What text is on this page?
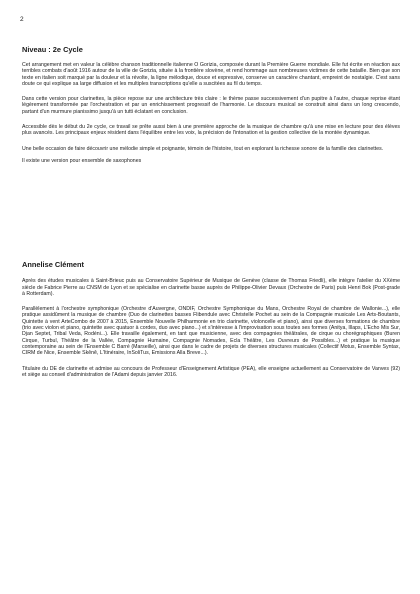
2
Niveau : 2e Cycle

Cet arrangement met en valeur la célèbre chanson traditionnelle italienne O Gorizia, composée durant la Première Guerre mondiale. Elle fut écrite en réaction aux terribles combats d'août 1916 autour de la ville de Gorizia, située à la frontière slovène, et rend hommage aux nombreuses victimes de cette bataille. Bien que son texte en italien soit marqué par la douleur et la révolte, la ligne mélodique, douce et expressive, conserve un caractère chantant, empreint de nostalgie. C'est sans doute ce qui explique sa large diffusion et les multiples transcriptions qu'elle a suscitées au fil du temps.

Dans cette version pour clarinettes, la pièce repose sur une architecture très claire : le thème passe successivement d'un pupitre à l'autre, chaque reprise étant légèrement transformée par l'orchestration et par un enrichissement progressif de l'harmonie. Le discours musical se construit ainsi dans un long crescendo, partant d'un murmure pianissimo jusqu'à un tutti éclatant en conclusion.

Accessible dès le début du 2e cycle, ce travail se prête aussi bien à une première approche de la musique de chambre qu'à une mise en lecture pour des élèves plus avancés. Les principaux enjeux résident dans l'équilibre entre les voix, la précision de l'intonation et la gestion collective de la montée dynamique.

Une belle occasion de faire découvrir une mélodie simple et poignante, témoin de l'histoire, tout en explorant la richesse sonore de la famille des clarinettes.

Il existe une version pour ensemble de saxophones

Annelise Clément

Après des études musicales à Saint-Brieuc puis au Conservatoire Supérieur de Musique de Genève (classe de Thomas Friedli), elle intègre l'atelier du XXème siècle de Fabrice Pierre au CNSM de Lyon et se spécialise en clarinette basse auprès de Philippe-Olivier Devaux (Orchestre de Paris) puis Henri Bok (Post-grade à Rotterdam).

Parallèlement à l'orchestre symphonique (Orchestre d'Auvergne, ONDIF, Orchestre Symphonique du Mans, Orchestre Royal de chambre de Wallonie...), elle pratique assidûment la musique de chambre (Duo de clarinettes basses Flibendule avec Christelle Pochet au sein de la Compagnie musicale Les Arts-Boutants, Quintette à vent ArteCombo de 2007 à 2015, Ensemble Nouvelle Philharmonie en trio clarinette, violoncelle et piano), ainsi que diverses formations de chambre (trio avec violon et piano, quintette avec quatuor à cordes, duo avec piano...) et s'intéresse à l'improvisation sous toutes ses formes (Anitya, Illaps, L'Echo Mis Sur, Djan Septet, Tribal Veda, Rodéni...). Elle travaille également, en tant que musicienne, avec des compagnies théâtrales, de cirque ou chorégraphiques (Buren Cirque, Turbul, Théâtre de la Vallée, Compagnie Humaine, Compagnie Nomades, Ecla Théâtre, Les Ouvreurs de Possibles...) et pratique la musique contemporaine au sein de l'Ensemble C Barré (Marseille), ainsi que dans le cadre de projets de diverses structures musicales (Collectif Motus, Ensemble Syntax, CIRM de Nice, Ensemble Skênê, L'Itinéraire, InSoliTus, Emissions Alla Breve...).

Titulaire du DE de clarinette et admise au concours de Professeur d'Enseignement Artistique (PEA), elle enseigne actuellement au Conservatoire de Vanves (92) et siège au conseil d'administration de l'Adami depuis janvier 2016.
